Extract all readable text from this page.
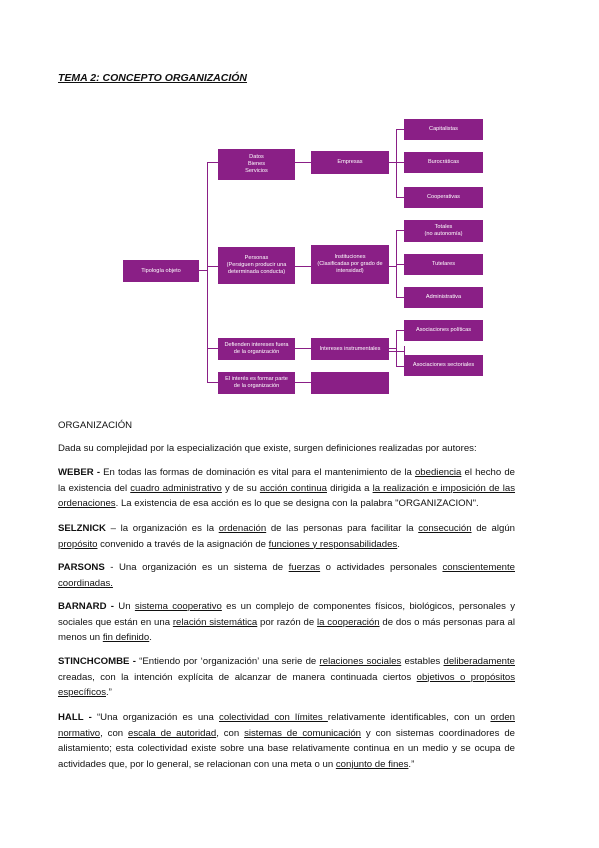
TEMA 2: CONCEPTO ORGANIZACIÓN
Tipología objeto
Datos
Bienes
Servicios
Personas
(Persiguen producir una
determinada conducta)
Defienden intereses fuera
de la organización
El interés es formar parte
de la organización
Empresas
Instituciones
(Clasificadas por grado de
intensidad)
Intereses instrumentales
Capitalistas
Burocráticas
Cooperativas
Totales
(no autonomía)
Tutelares
Administrativa
Asociaciones políticas
Asociaciones sectoriales
ORGANIZACIÓN
Dada su complejidad por la especialización que existe, surgen definiciones realizadas por autores:
WEBER - En todas las formas de dominación es vital para el mantenimiento de la obediencia el hecho de la existencia del cuadro administrativo y de su acción continua dirigida a la realización e imposición de las ordenaciones. La existencia de esa acción es lo que se designa con la palabra "ORGANIZACION".
SELZNICK – la organización es la ordenación de las personas para facilitar la consecución de algún propósito convenido a través de la asignación de funciones y responsabilidades.
PARSONS - Una organización es un sistema de fuerzas o actividades personales conscientemente coordinadas.
BARNARD - Un sistema cooperativo es un complejo de componentes físicos, biológicos, personales y sociales que están en una relación sistemática por razón de la cooperación de dos o más personas para al menos un fin definido.
STINCHCOMBE - “Entiendo por ‘organización’ una serie de relaciones sociales estables deliberadamente creadas, con la intención explícita de alcanzar de manera continuada ciertos objetivos o propósitos específicos.”
HALL - “Una organización es una colectividad con límites relativamente identificables, con un orden normativo, con escala de autoridad, con sistemas de comunicación y con sistemas coordinadores de alistamiento; esta colectividad existe sobre una base relativamente continua en un medio y se ocupa de actividades que, por lo general, se relacionan con una meta o un conjunto de fines.”
